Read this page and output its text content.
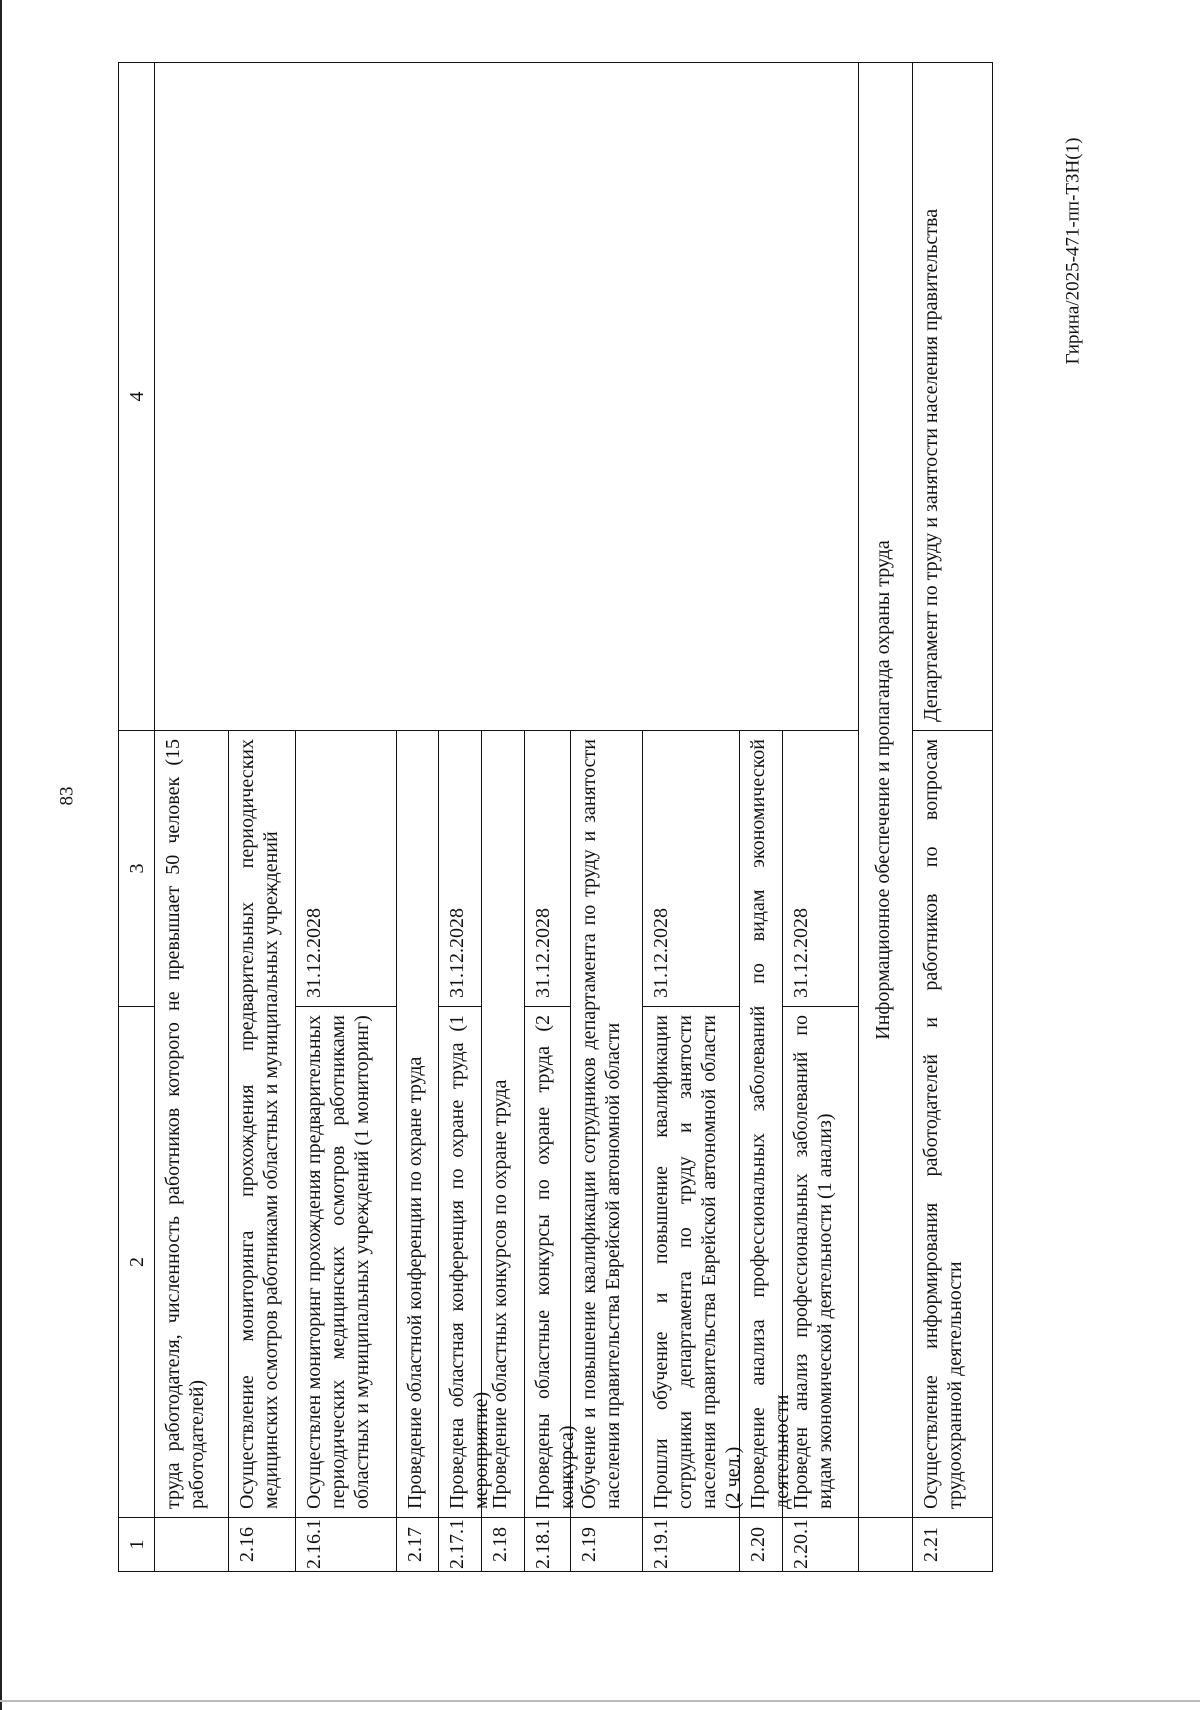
83
Гирина/2025-471-пп-ТЗН(1)
1
2
3
4
труда работодателя, численность работников которого не превышает 50 человек (15 работодателей)
2.16
Осуществление мониторинга прохождения предварительных периодических медицинских осмотров работниками областных и муниципальных учреждений
2.16.1
Осуществлен мониторинг прохождения предварительных периодических медицинских осмотров работниками областных и муниципальных учреждений (1 мониторинг)
31.12.2028
2.17
Проведение областной конференции по охране труда
2.17.1
Проведена областная конференция по охране труда (1 мероприятие)
31.12.2028
2.18
Проведение областных конкурсов по охране труда
2.18.1
Проведены областные конкурсы по охране труда (2 конкурса)
31.12.2028
2.19
Обучение и повышение квалификации сотрудников департамента по труду и занятости населения правительства Еврейской автономной области
2.19.1
Прошли обучение и повышение квалификации сотрудники департамента по труду и занятости населения правительства Еврейской автономной области (2 чел.)
31.12.2028
2.20
Проведение анализа профессиональных заболеваний по видам экономической деятельности
2.20.1
Проведен анализ профессиональных заболеваний по видам экономической деятельности (1 анализ)
31.12.2028	Информационное обеспечение и пропаганда охраны труда
2.21
Осуществление информирования работодателей и работников по вопросам трудоохранной деятельности
Департамент по труду и занятости населения правительства
